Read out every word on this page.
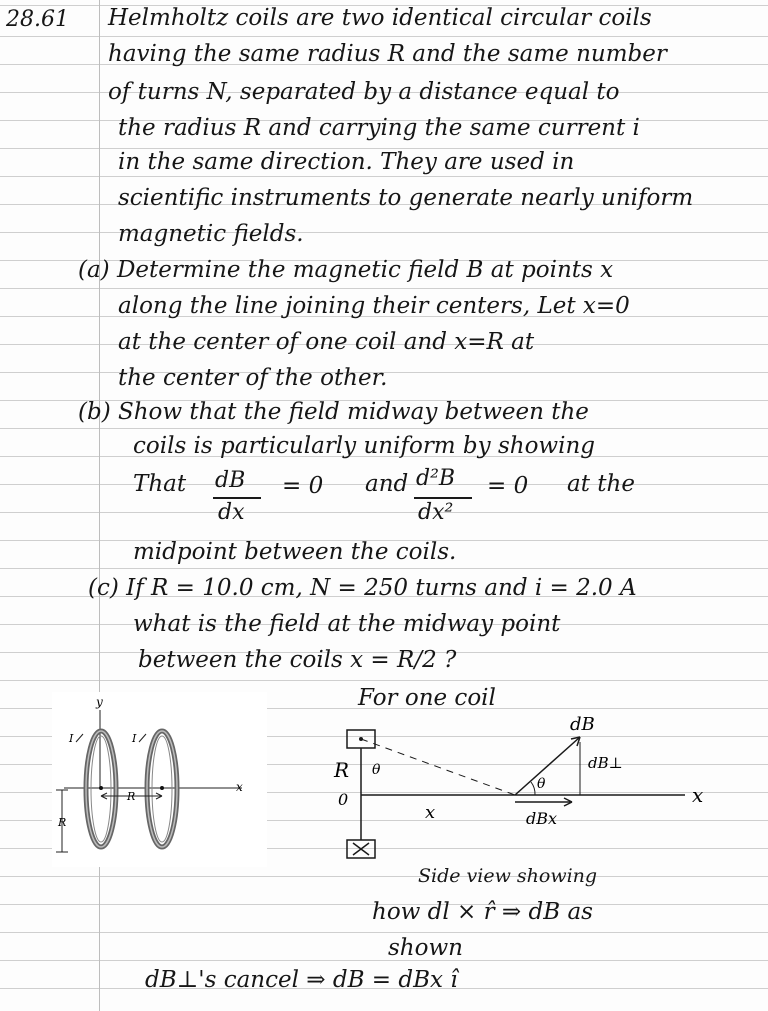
28.61 Helmholtz coils are two identical circular coils
having the same radius R and the same number
of turns N, separated by a distance equal to
the radius R and carrying the same current i
in the same direction. They are used in
scientific instruments to generate nearly uniform
magnetic fields.
(a) Determine the magnetic field B at points x
along the line joining their centers, Let x=0
at the center of one coil and x=R at
the center of the other.
(b) Show that the field midway between the
coils is particularly uniform by showing
That dB
dx
= 0 and d²B
dx²
= 0 at the
midpoint between the coils.
(c) If R = 10.0 cm, N = 250 turns and i = 2.0 A
what is the field at the midway point
between the coils x = R/2 ?
For one coil
y
x
I	I
R
R
R
0
θ
θ
x
x
dB
dB⊥
dBx
Side view showing
how dl × r̂ ⇒ dB as
shown
dB⊥'s cancel ⇒ dB = dBx î
